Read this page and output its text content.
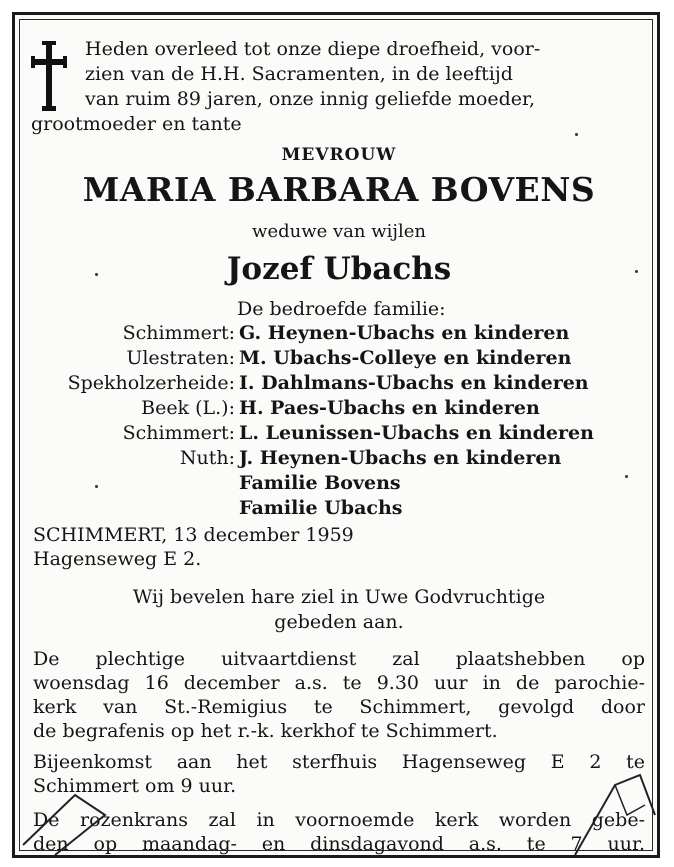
Heden overleed tot onze diepe droefheid, voor-
zien van de H.H. Sacramenten, in de leeftijd
van ruim 89 jaren, onze innig geliefde moeder,
grootmoeder en tante

MEVROUW

MARIA BARBARA BOVENS

weduwe van wijlen

Jozef Ubachs

De bedroefde familie:

Schimmert: G. Heynen-Ubachs en kinderen
Ulestraten: M. Ubachs-Colleye en kinderen
Spekholzerheide: I. Dahlmans-Ubachs en kinderen
Beek (L.): H. Paes-Ubachs en kinderen
Schimmert: L. Leunissen-Ubachs en kinderen
Nuth: J. Heynen-Ubachs en kinderen
Familie Bovens
Familie Ubachs

SCHIMMERT, 13 december 1959
Hagenseweg E 2.

Wij bevelen hare ziel in Uwe Godvruchtige
gebeden aan.

De plechtige uitvaartdienst zal plaatshebben op
woensdag 16 december a.s. te 9.30 uur in de parochie-
kerk van St.-Remigius te Schimmert, gevolgd door
de begrafenis op het r.-k. kerkhof te Schimmert.

Bijeenkomst aan het sterfhuis Hagenseweg E 2 te
Schimmert om 9 uur.

De rozenkrans zal in voornoemde kerk worden gebe-
den op maandag- en dinsdagavond a.s. te 7 uur.
